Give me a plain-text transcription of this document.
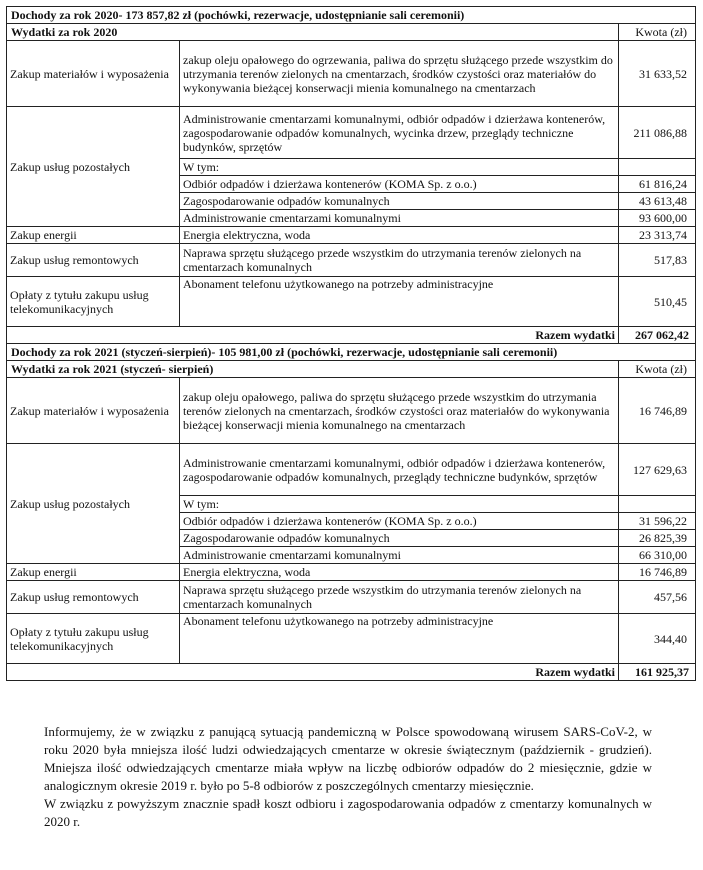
Dochody za rok 2020- 173 857,82 zł (pochówki, rezerwacje, udostępnianie sali ceremonii)		
Wydatki za rok 2020		Kwota (zł)
Zakup materiałów i wyposażenia	zakup oleju opałowego do ogrzewania, paliwa do sprzętu służącego przede wszystkim do utrzymania terenów zielonych na cmentarzach, środków czystości oraz materiałów do wykonywania bieżącej konserwacji mienia komunalnego na cmentarzach	31 633,52
Zakup usług pozostałych	Administrowanie cmentarzami komunalnymi, odbiór odpadów i dzierżawa kontenerów, zagospodarowanie odpadów komunalnych, wycinka drzew, przeglądy techniczne budynków, sprzętów	211 086,88
	W tym:	
	Odbiór odpadów i dzierżawa kontenerów (KOMA Sp. z o.o.)	61 816,24
	Zagospodarowanie odpadów komunalnych	43 613,48
	Administrowanie cmentarzami komunalnymi	93 600,00
Zakup energii	Energia elektryczna, woda	23 313,74
Zakup usług remontowych	Naprawa sprzętu służącego przede wszystkim do utrzymania terenów zielonych na cmentarzach komunalnych	517,83
Opłaty z tytułu zakupu usług telekomunikacyjnych	Abonament telefonu użytkowanego na potrzeby administracyjne	510,45
	Razem wydatki	267 062,42
Dochody za rok 2021 (styczeń-sierpień)- 105 981,00 zł (pochówki, rezerwacje, udostępnianie sali ceremonii)		
Wydatki za rok 2021 (styczeń- sierpień)		Kwota (zł)
Zakup materiałów i wyposażenia	zakup oleju opałowego, paliwa do sprzętu służącego przede wszystkim do utrzymania terenów zielonych na cmentarzach, środków czystości oraz materiałów do wykonywania bieżącej konserwacji mienia komunalnego na cmentarzach	16 746,89
Zakup usług pozostałych	Administrowanie cmentarzami komunalnymi, odbiór odpadów i dzierżawa kontenerów, zagospodarowanie odpadów komunalnych, przeglądy techniczne budynków, sprzętów	127 629,63
	W tym:	
	Odbiór odpadów i dzierżawa kontenerów (KOMA Sp. z o.o.)	31 596,22
	Zagospodarowanie odpadów komunalnych	26 825,39
	Administrowanie cmentarzami komunalnymi	66 310,00
Zakup energii	Energia elektryczna, woda	16 746,89
Zakup usług remontowych	Naprawa sprzętu służącego przede wszystkim do utrzymania terenów zielonych na cmentarzach komunalnych	457,56
Opłaty z tytułu zakupu usług telekomunikacyjnych	Abonament telefonu użytkowanego na potrzeby administracyjne	344,40
	Razem wydatki	161 925,37

Informujemy, że w związku z panującą sytuacją pandemiczną w Polsce spowodowaną wirusem SARS-CoV-2, w roku 2020 była mniejsza ilość ludzi odwiedzających cmentarze w okresie świątecznym (październik - grudzień). Mniejsza ilość odwiedzających cmentarze miała wpływ na liczbę odbiorów odpadów do 2 miesięcznie, gdzie w analogicznym okresie 2019 r. było po 5-8 odbiorów z poszczególnych cmentarzy miesięcznie.

W związku z powyższym znacznie spadł koszt odbioru i zagospodarowania odpadów z cmentarzy komunalnych w 2020 r.
